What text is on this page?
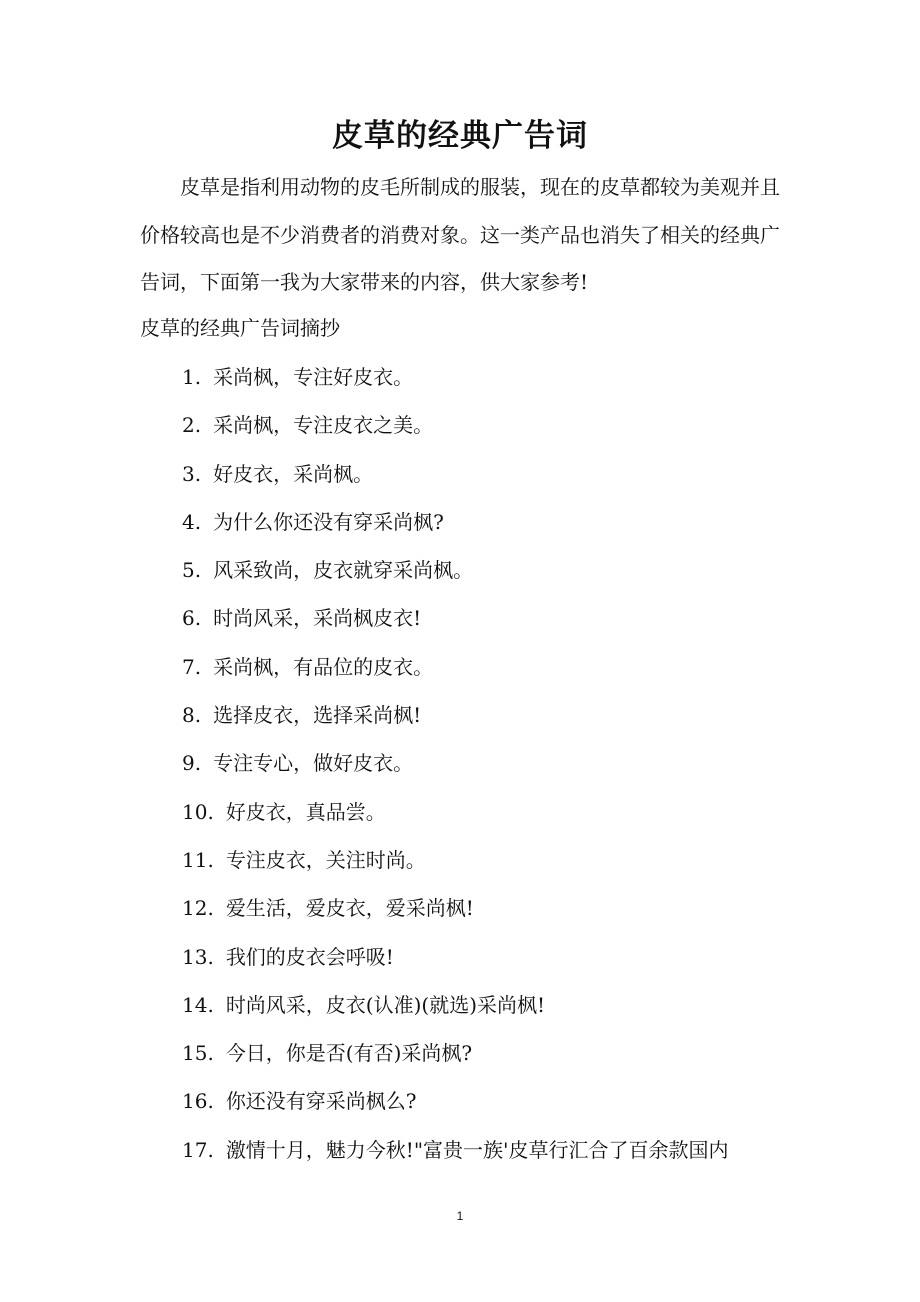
皮草的经典广告词

皮草是指利用动物的皮毛所制成的服装，现在的皮草都较为美观并且价格较高也是不少消费者的消费对象。这一类产品也消失了相关的经典广告词，下面第一我为大家带来的内容，供大家参考!

皮草的经典广告词摘抄
1. 采尚枫，专注好皮衣。
2. 采尚枫，专注皮衣之美。
3. 好皮衣，采尚枫。
4. 为什么你还没有穿采尚枫?
5. 风采致尚，皮衣就穿采尚枫。
6. 时尚风采，采尚枫皮衣!
7. 采尚枫，有品位的皮衣。
8. 选择皮衣，选择采尚枫!
9. 专注专心，做好皮衣。
10. 好皮衣，真品尝。
11. 专注皮衣，关注时尚。
12. 爱生活，爱皮衣，爱采尚枫!
13. 我们的皮衣会呼吸!
14. 时尚风采，皮衣(认准)(就选)采尚枫!
15. 今日，你是否(有否)采尚枫?
16. 你还没有穿采尚枫么?
17. 激情十月，魅力今秋!"富贵一族'皮草行汇合了百余款国内
1
